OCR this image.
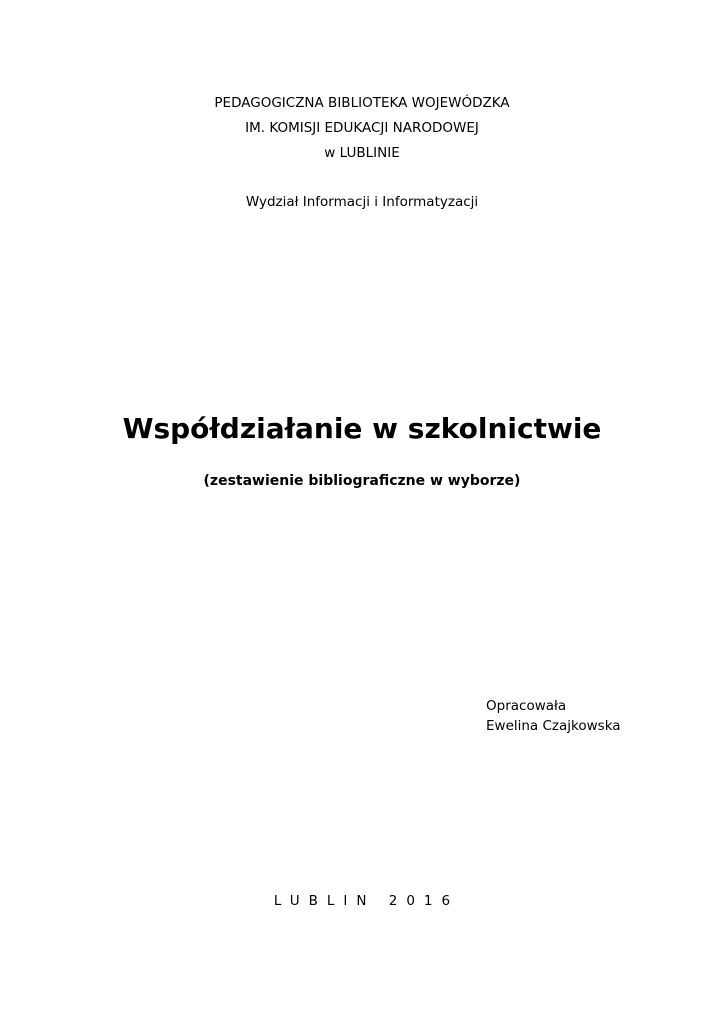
PEDAGOGICZNA BIBLIOTEKA WOJEWÓDZKA
IM. KOMISJI EDUKACJI NARODOWEJ
w LUBLINIE
Wydział Informacji i Informatyzacji
Współdziałanie w szkolnictwie
(zestawienie bibliograficzne w wyborze)
Opracowała
Ewelina Czajkowska
LUBLIN 2016
